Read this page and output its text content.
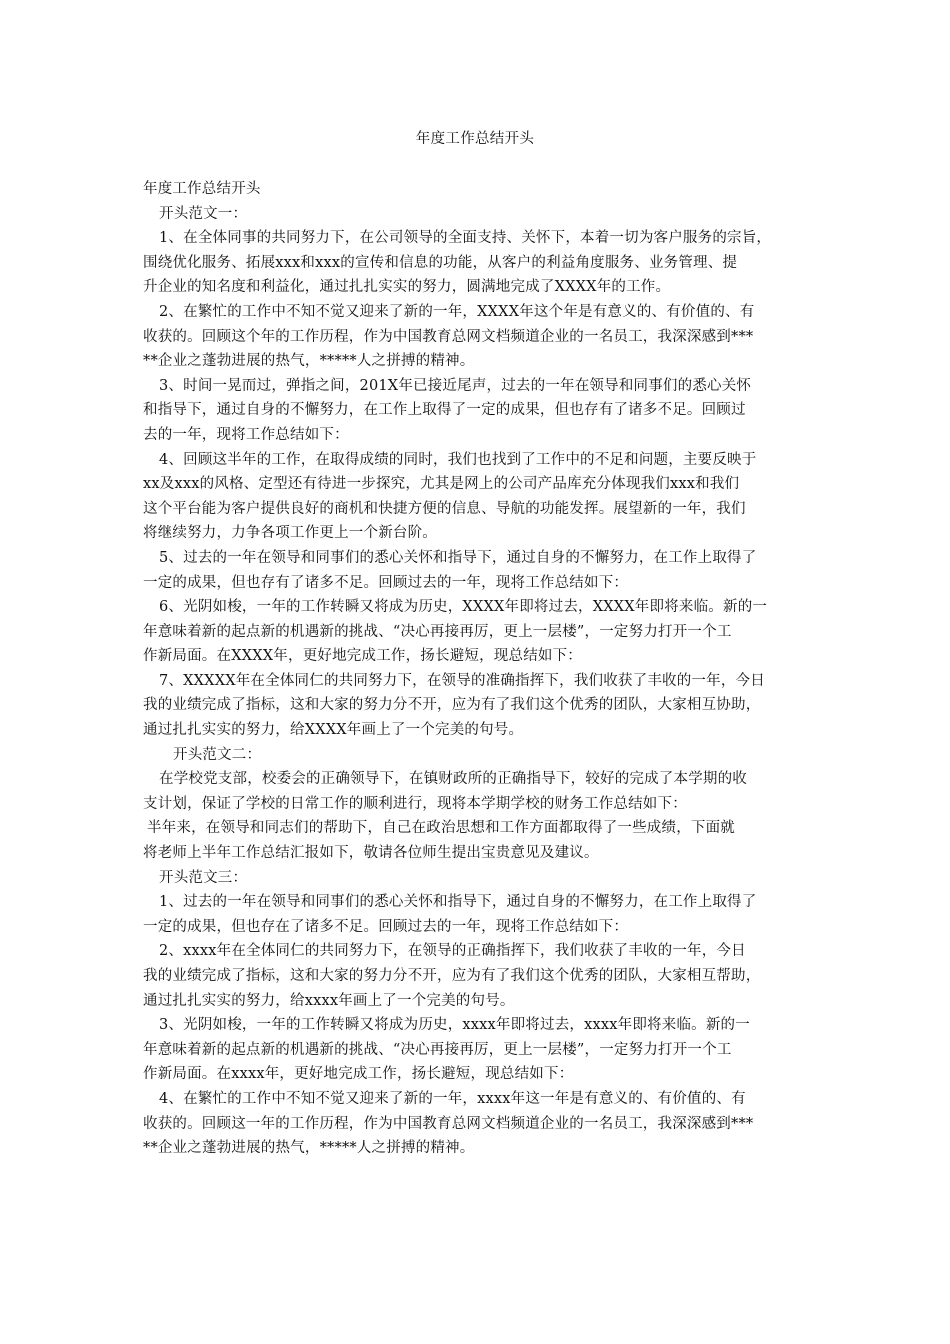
年度工作总结开头
年度工作总结开头
开头范文一：
1、在全体同事的共同努力下，在公司领导的全面支持、关怀下，本着一切为客户服务的宗旨，
围绕优化服务、拓展xxx和xxx的宣传和信息的功能，从客户的利益角度服务、业务管理、提
升企业的知名度和利益化，通过扎扎实实的努力，圆满地完成了XXXX年的工作。
2、在繁忙的工作中不知不觉又迎来了新的一年，XXXX年这个年是有意义的、有价值的、有
收获的。回顾这个年的工作历程，作为中国教育总网文档频道企业的一名员工，我深深感到***
**企业之蓬勃进展的热气，*****人之拼搏的精神。
3、时间一晃而过，弹指之间，201X年已接近尾声，过去的一年在领导和同事们的悉心关怀
和指导下，通过自身的不懈努力，在工作上取得了一定的成果，但也存有了诸多不足。回顾过
去的一年，现将工作总结如下：
4、回顾这半年的工作，在取得成绩的同时，我们也找到了工作中的不足和问题，主要反映于
xx及xxx的风格、定型还有待进一步探究，尤其是网上的公司产品库充分体现我们xxx和我们
这个平台能为客户提供良好的商机和快捷方便的信息、导航的功能发挥。展望新的一年，我们
将继续努力，力争各项工作更上一个新台阶。
5、过去的一年在领导和同事们的悉心关怀和指导下，通过自身的不懈努力，在工作上取得了
一定的成果，但也存有了诸多不足。回顾过去的一年，现将工作总结如下：
6、光阴如梭，一年的工作转瞬又将成为历史，XXXX年即将过去，XXXX年即将来临。新的一
年意味着新的起点新的机遇新的挑战、“决心再接再厉，更上一层楼”，一定努力打开一个工
作新局面。在XXXX年，更好地完成工作，扬长避短，现总结如下：
7、XXXXX年在全体同仁的共同努力下，在领导的准确指挥下，我们收获了丰收的一年，今日
我的业绩完成了指标，这和大家的努力分不开，应为有了我们这个优秀的团队，大家相互协助，
通过扎扎实实的努力，给XXXX年画上了一个完美的句号。
开头范文二：
在学校党支部，校委会的正确领导下，在镇财政所的正确指导下，较好的完成了本学期的收
支计划，保证了学校的日常工作的顺利进行，现将本学期学校的财务工作总结如下：
半年来，在领导和同志们的帮助下，自己在政治思想和工作方面都取得了一些成绩，下面就
将老师上半年工作总结汇报如下，敬请各位师生提出宝贵意见及建议。
开头范文三：
1、过去的一年在领导和同事们的悉心关怀和指导下，通过自身的不懈努力，在工作上取得了
一定的成果，但也存在了诸多不足。回顾过去的一年，现将工作总结如下：
2、xxxx年在全体同仁的共同努力下，在领导的正确指挥下，我们收获了丰收的一年，今日
我的业绩完成了指标，这和大家的努力分不开，应为有了我们这个优秀的团队，大家相互帮助，
通过扎扎实实的努力，给xxxx年画上了一个完美的句号。
3、光阴如梭，一年的工作转瞬又将成为历史，xxxx年即将过去，xxxx年即将来临。新的一
年意味着新的起点新的机遇新的挑战、“决心再接再厉，更上一层楼”，一定努力打开一个工
作新局面。在xxxx年，更好地完成工作，扬长避短，现总结如下：
4、在繁忙的工作中不知不觉又迎来了新的一年，xxxx年这一年是有意义的、有价值的、有
收获的。回顾这一年的工作历程，作为中国教育总网文档频道企业的一名员工，我深深感到***
**企业之蓬勃进展的热气，*****人之拼搏的精神。
